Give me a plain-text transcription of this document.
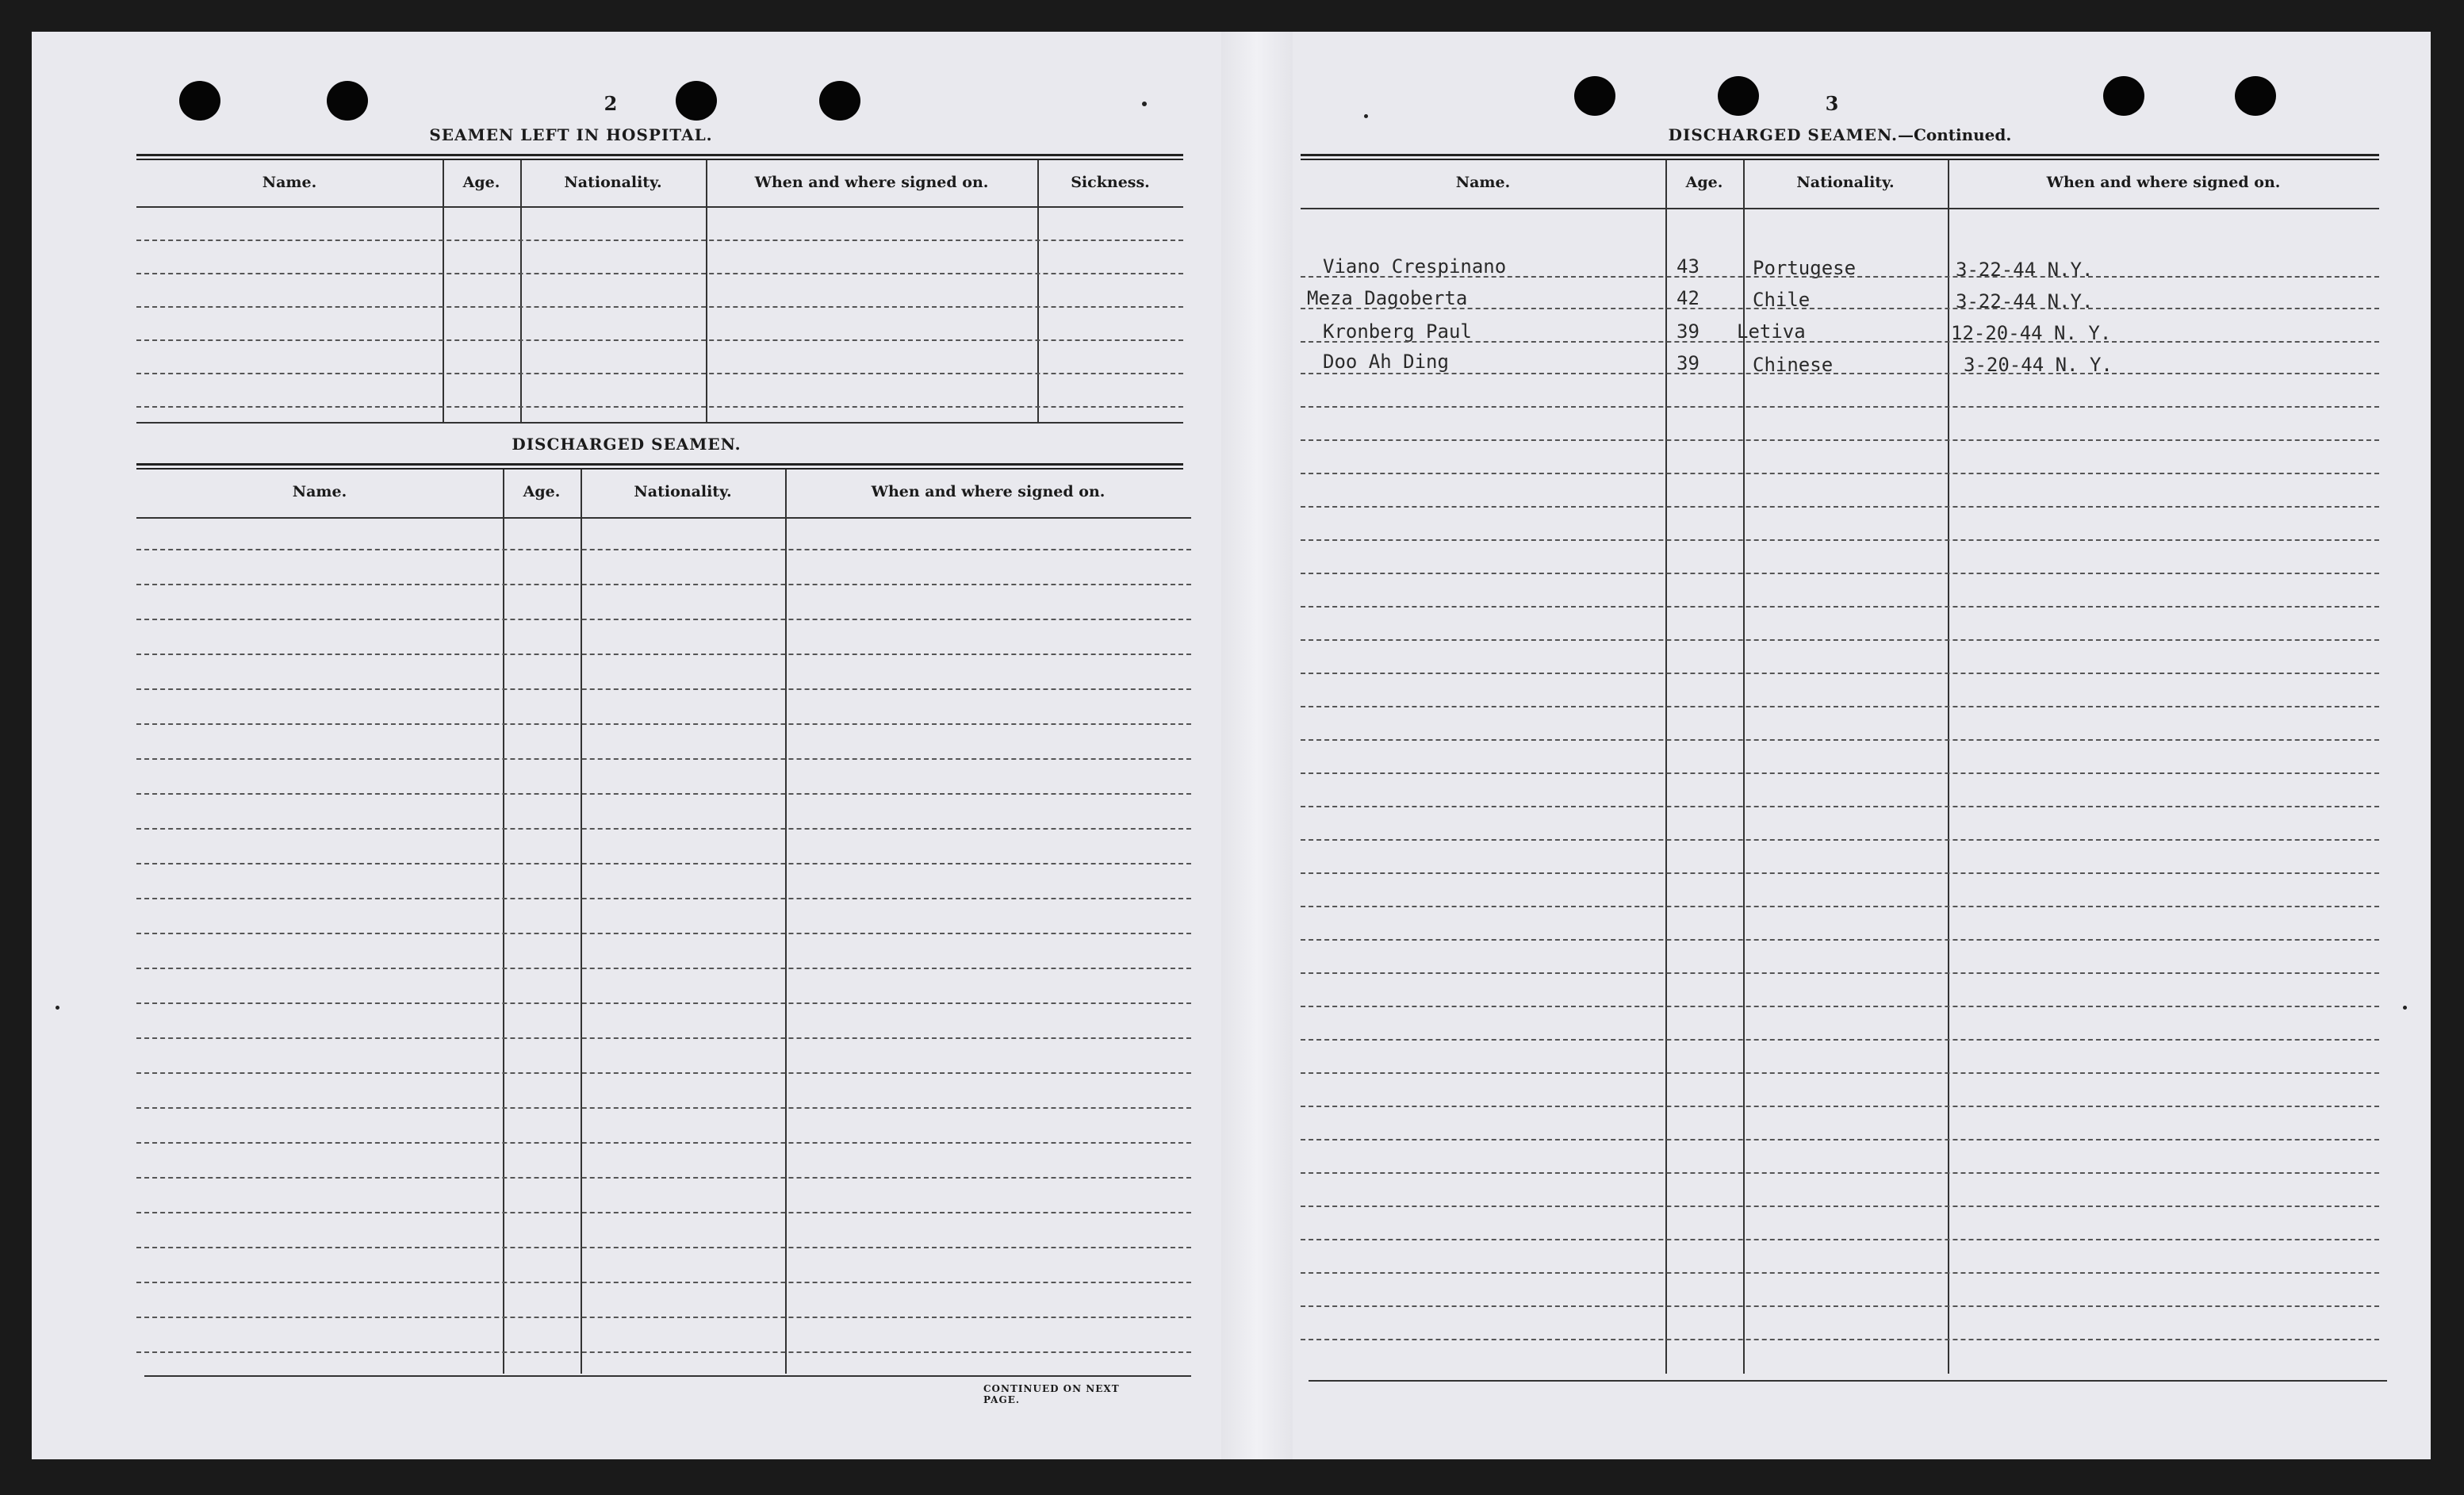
2
SEAMEN LEFT IN HOSPITAL.
Name.	Age.	Nationality.	When and where signed on.	Sickness.
DISCHARGED SEAMEN.
Name.	Age.	Nationality.	When and where signed on.
CONTINUED ON NEXT PAGE.
3
DISCHARGED SEAMEN.—Continued.
Name.	Age.	Nationality.	When and where signed on.
Viano Crespinano	43	Portugese	3-22-44 N.Y.
Meza Dagoberta	42	Chile	3-22-44 N.Y.
Kronberg Paul	39 Letiva	12-20-44 N. Y.
Doo Ah Ding	39	Chinese	3-20-44 N. Y.
